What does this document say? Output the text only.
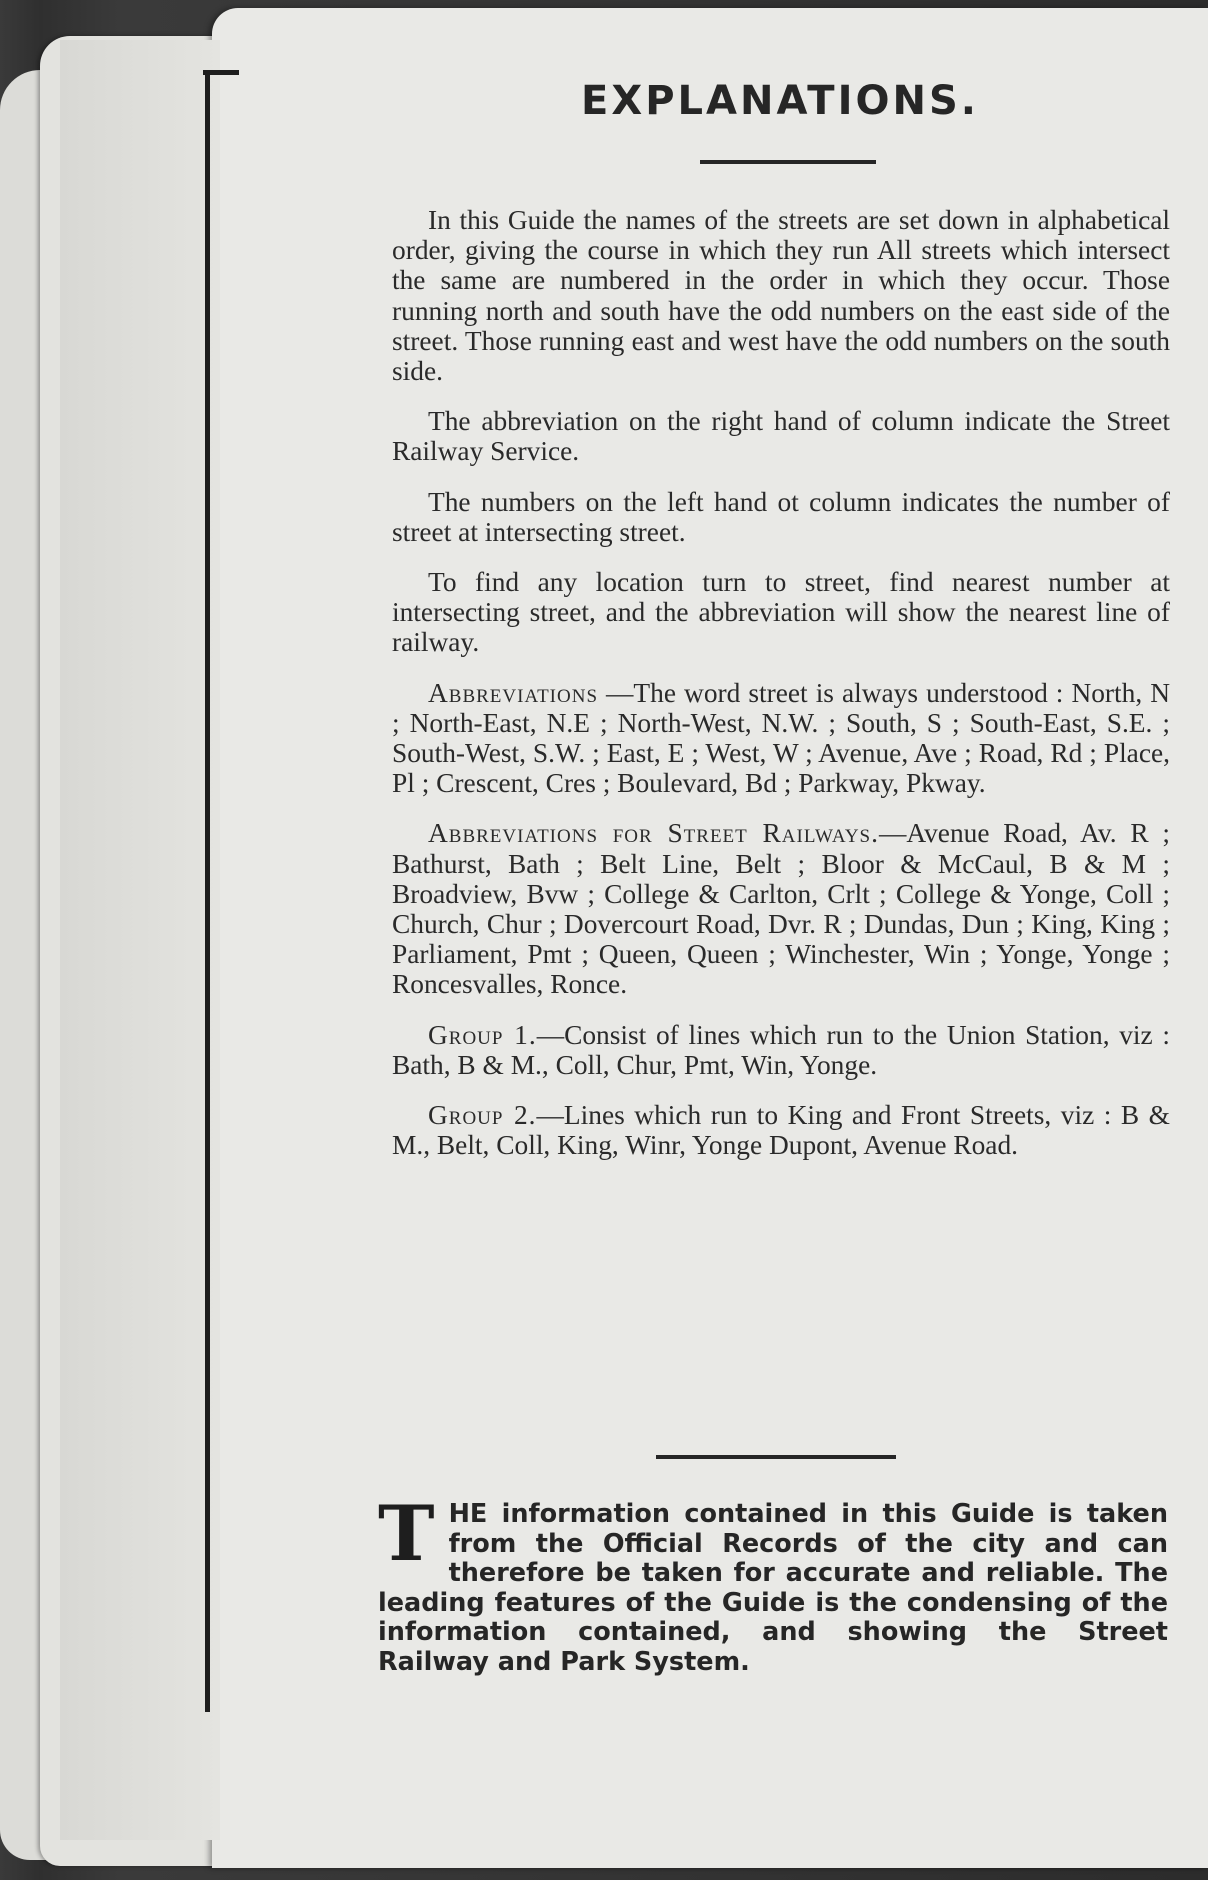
EXPLANATIONS.

In this Guide the names of the streets are set down in alphabetical order, giving the course in which they run All streets which intersect the same are numbered in the order in which they occur. Those running north and south have the odd numbers on the east side of the street. Those running east and west have the odd numbers on the south side.

The abbreviation on the right hand of column indicate the Street Railway Service.

The numbers on the left hand ot column indicates the number of street at intersecting street.

To find any location turn to street, find nearest number at intersecting street, and the abbreviation will show the nearest line of railway.

Abbreviations —The word street is always understood : North, N ; North-East, N.E ; North-West, N.W. ; South, S ; South-East, S.E. ; South-West, S.W. ; East, E ; West, W ; Avenue, Ave ; Road, Rd ; Place, Pl ; Crescent, Cres ; Boulevard, Bd ; Parkway, Pkway.

Abbreviations for Street Railways.—Avenue Road, Av. R ; Bathurst, Bath ; Belt Line, Belt ; Bloor & McCaul, B & M ; Broadview, Bvw ; College & Carlton, Crlt ; College & Yonge, Coll ; Church, Chur ; Dovercourt Road, Dvr. R ; Dundas, Dun ; King, King ; Parliament, Pmt ; Queen, Queen ; Winchester, Win ; Yonge, Yonge ; Roncesvalles, Ronce.

Group 1.—Consist of lines which run to the Union Station, viz : Bath, B & M., Coll, Chur, Pmt, Win, Yonge.

Group 2.—Lines which run to King and Front Streets, viz : B & M., Belt, Coll, King, Winr, Yonge Dupont, Avenue Road.

THE information contained in this Guide is taken from the Official Records of the city and can therefore be taken for accurate and reliable. The leading features of the Guide is the condensing of the information contained, and showing the Street Railway and Park System.
